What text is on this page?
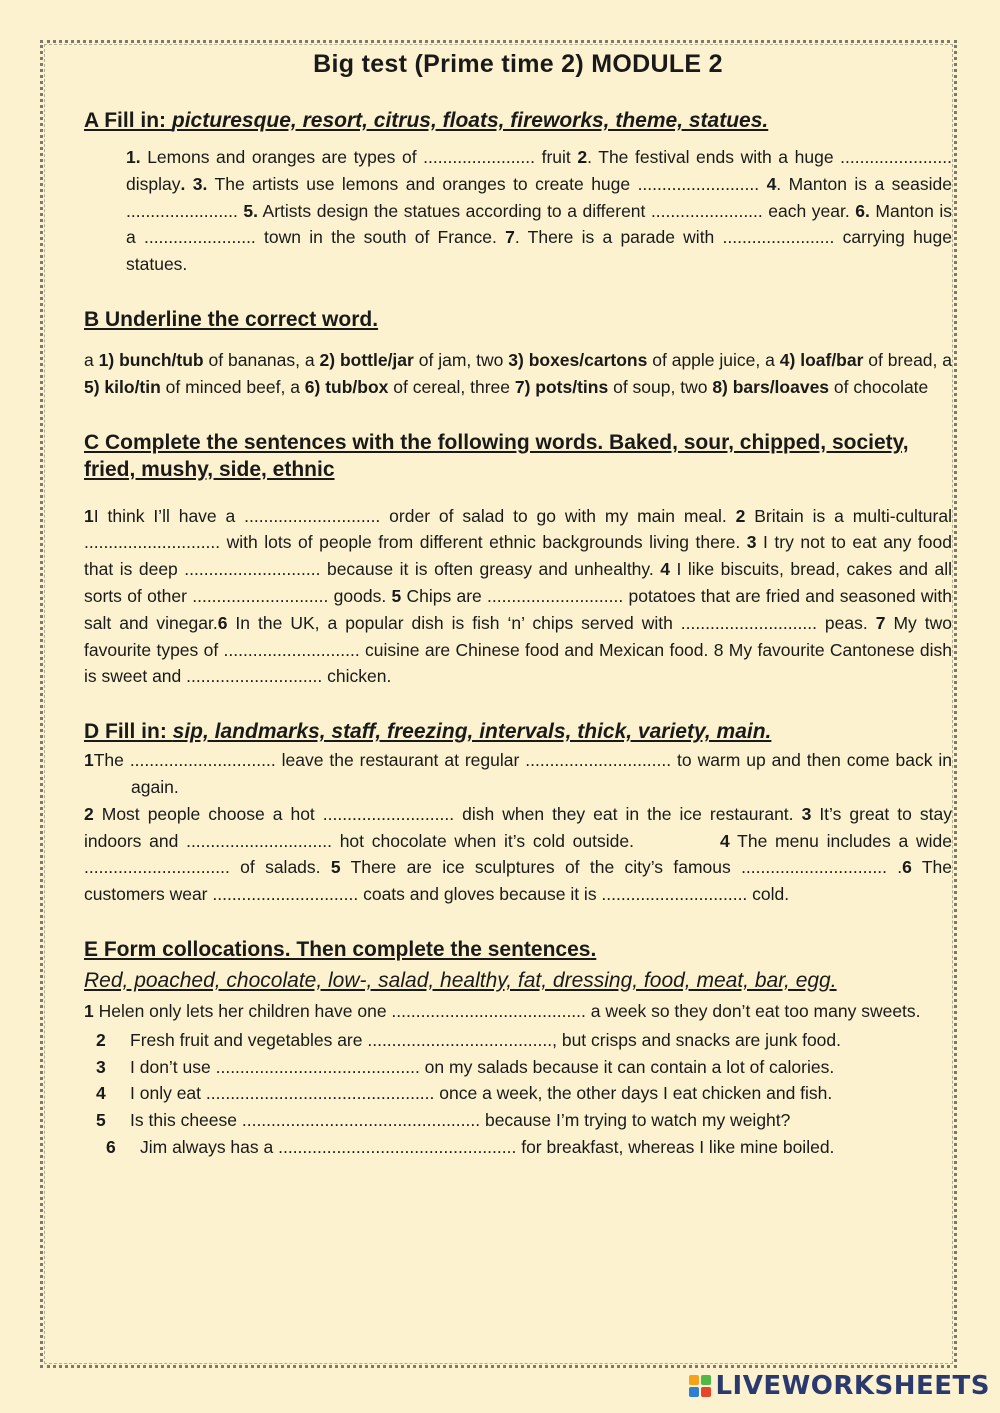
Big test (Prime time 2) MODULE 2
A Fill in: picturesque, resort, citrus, floats, fireworks, theme, statues.

1. Lemons and oranges are types of ....................... fruit 2. The festival ends with a huge ....................... display. 3. The artists use lemons and oranges to create huge ......................... 4. Manton is a seaside ....................... 5. Artists design the statues according to a different ....................... each year. 6. Manton is a ....................... town in the south of France. 7. There is a parade with ....................... carrying huge statues.

B Underline the correct word.

a 1) bunch/tub of bananas, a 2) bottle/jar of jam, two 3) boxes/cartons of apple juice, a 4) loaf/bar of bread, a 5) kilo/tin of minced beef, a 6) tub/box of cereal, three 7) pots/tins of soup, two 8) bars/loaves of chocolate

C Complete the sentences with the following words. Baked, sour, chipped, society, fried, mushy, side, ethnic

1I think I’ll have a ............................ order of salad to go with my main meal. 2 Britain is a multi-cultural ............................ with lots of people from different ethnic backgrounds living there. 3 I try not to eat any food that is deep ............................ because it is often greasy and unhealthy. 4 I like biscuits, bread, cakes and all sorts of other ............................ goods. 5 Chips are ............................ potatoes that are fried and seasoned with salt and vinegar.6 In the UK, a popular dish is fish ‘n’ chips served with ............................ peas. 7 My two favourite types of ............................ cuisine are Chinese food and Mexican food. 8 My favourite Cantonese dish is sweet and ............................ chicken.

D Fill in: sip, landmarks, staff, freezing, intervals, thick, variety, main.

1The .............................. leave the restaurant at regular .............................. to warm up and then come back in again.
2 Most people choose a hot ........................... dish when they eat in the ice restaurant. 3 It’s great to stay indoors and .............................. hot chocolate when it’s cold outside.	4 The menu includes a wide .............................. of salads. 5 There are ice sculptures of the city’s famous .............................. .6 The customers wear .............................. coats and gloves because it is .............................. cold.

E Form collocations. Then complete the sentences.
Red, poached, chocolate, low-, salad, healthy, fat, dressing, food, meat, bar, egg.

1 Helen only lets her children have one ........................................ a week so they don’t eat too many sweets.

2	Fresh fruit and vegetables are ......................................, but crisps and snacks are junk food.
3	I don’t use .......................................... on my salads because it can contain a lot of calories.
4	I only eat ............................................... once a week, the other days I eat chicken and fish.
5	Is this cheese ................................................. because I’m trying to watch my weight?
6	Jim always has a ................................................. for breakfast, whereas I like mine boiled.
LIVEWORKSHEETS
